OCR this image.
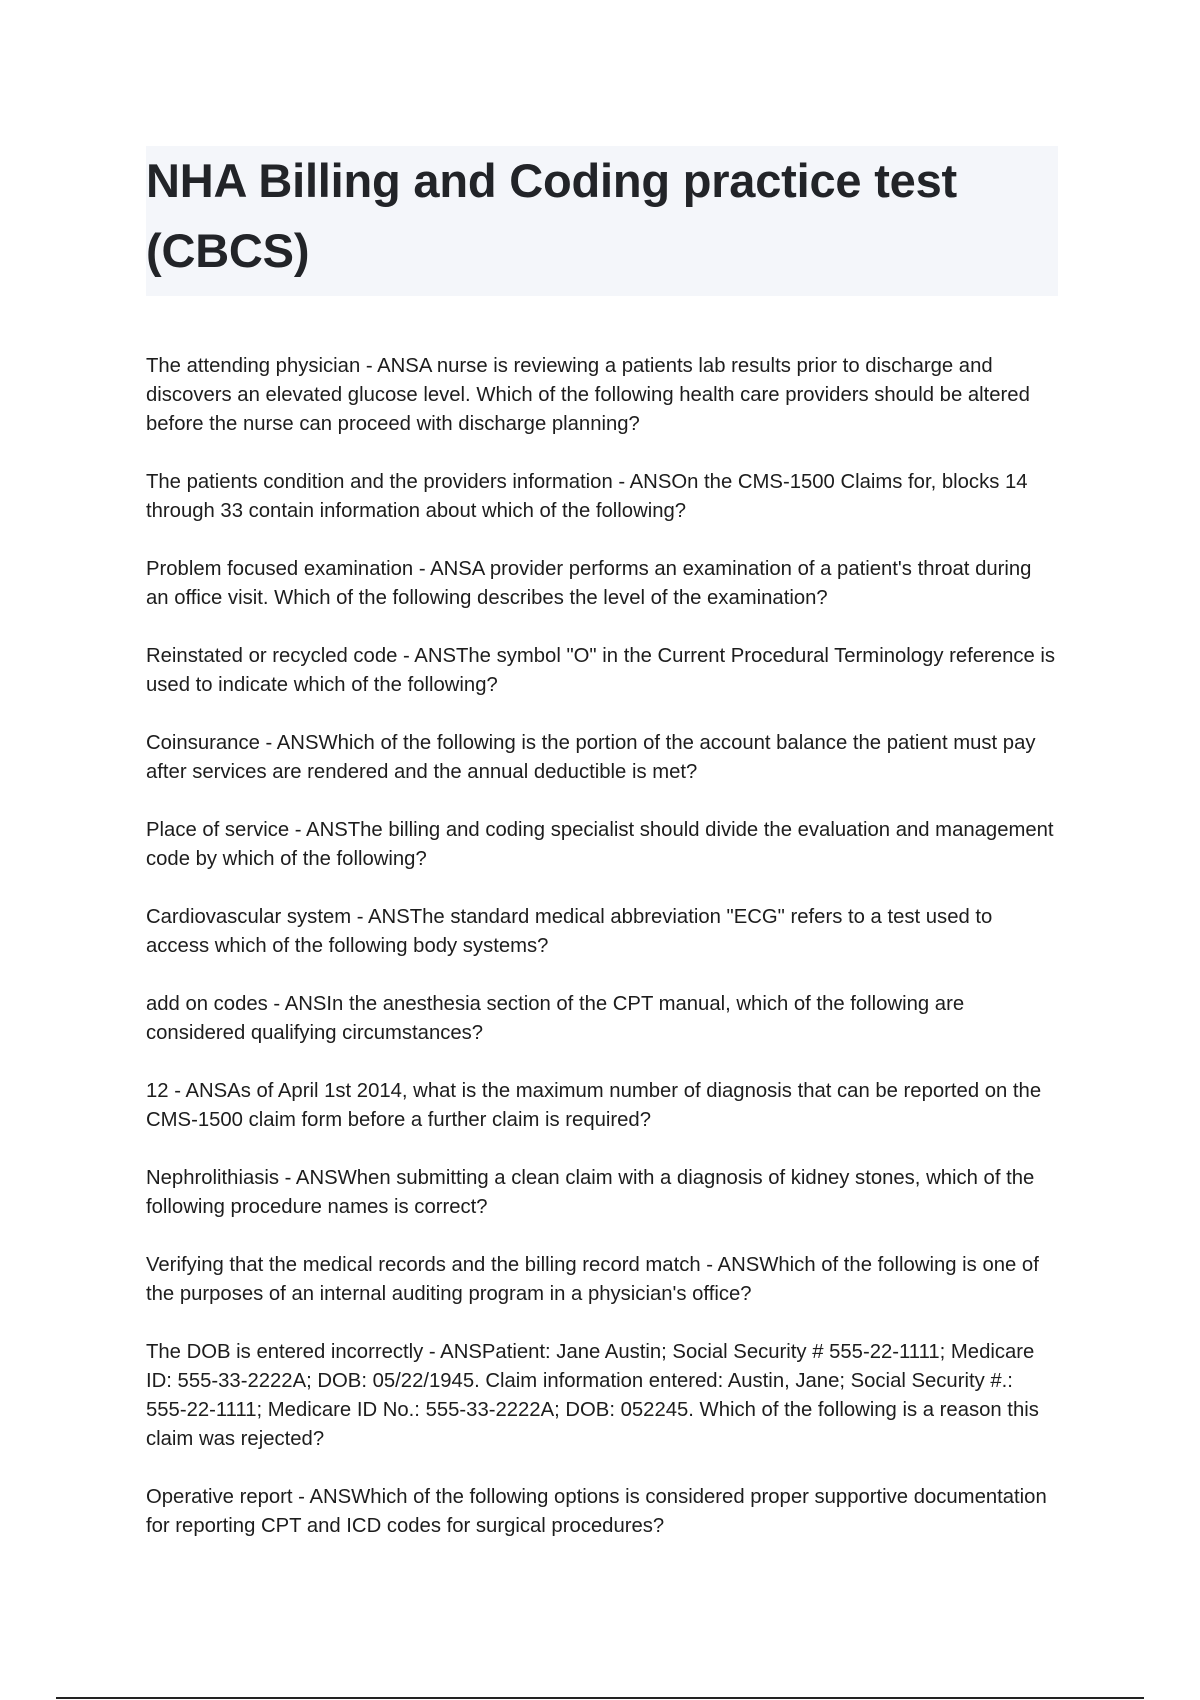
NHA Billing and Coding practice test (CBCS)
The attending physician - ANSA nurse is reviewing a patients lab results prior to discharge and discovers an elevated glucose level. Which of the following health care providers should be altered before the nurse can proceed with discharge planning?
The patients condition and the providers information - ANSOn the CMS-1500 Claims for, blocks 14 through 33 contain information about which of the following?
Problem focused examination - ANSA provider performs an examination of a patient's throat during an office visit. Which of the following describes the level of the examination?
Reinstated or recycled code - ANSThe symbol "O" in the Current Procedural Terminology reference is used to indicate which of the following?
Coinsurance - ANSWhich of the following is the portion of the account balance the patient must pay after services are rendered and the annual deductible is met?
Place of service - ANSThe billing and coding specialist should divide the evaluation and management code by which of the following?
Cardiovascular system - ANSThe standard medical abbreviation "ECG" refers to a test used to access which of the following body systems?
add on codes - ANSIn the anesthesia section of the CPT manual, which of the following are considered qualifying circumstances?
12 - ANSAs of April 1st 2014, what is the maximum number of diagnosis that can be reported on the CMS-1500 claim form before a further claim is required?
Nephrolithiasis - ANSWhen submitting a clean claim with a diagnosis of kidney stones, which of the following procedure names is correct?
Verifying that the medical records and the billing record match - ANSWhich of the following is one of the purposes of an internal auditing program in a physician's office?
The DOB is entered incorrectly - ANSPatient: Jane Austin; Social Security # 555-22-1111; Medicare ID: 555-33-2222A; DOB: 05/22/1945. Claim information entered: Austin, Jane; Social Security #.: 555-22-1111; Medicare ID No.: 555-33-2222A; DOB: 052245. Which of the following is a reason this claim was rejected?
Operative report - ANSWhich of the following options is considered proper supportive documentation for reporting CPT and ICD codes for surgical procedures?
